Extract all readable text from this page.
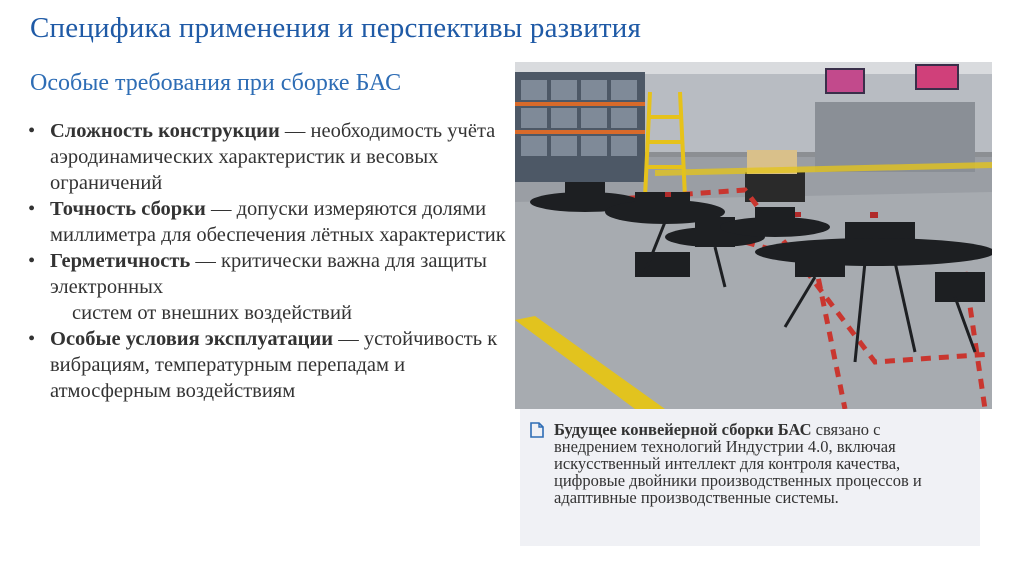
Специфика применения и перспективы развития
Особые требования при сборке БАС
• Сложность конструкции — необходимость учёта аэродинамических характеристик и весовых ограничений
• Точность сборки — допуски измеряются долями миллиметра для обеспечения лётных характеристик
• Герметичность — критически важна для защиты электронных
систем от внешних воздействий
• Особые условия эксплуатации — устойчивость к вибрациям, температурным перепадам и атмосферным воздействиям
Будущее конвейерной сборки БАС связано с внедрением технологий Индустрии 4.0, включая искусственный интеллект для контроля качества, цифровые двойники производственных процессов и адаптивные производственные системы.
